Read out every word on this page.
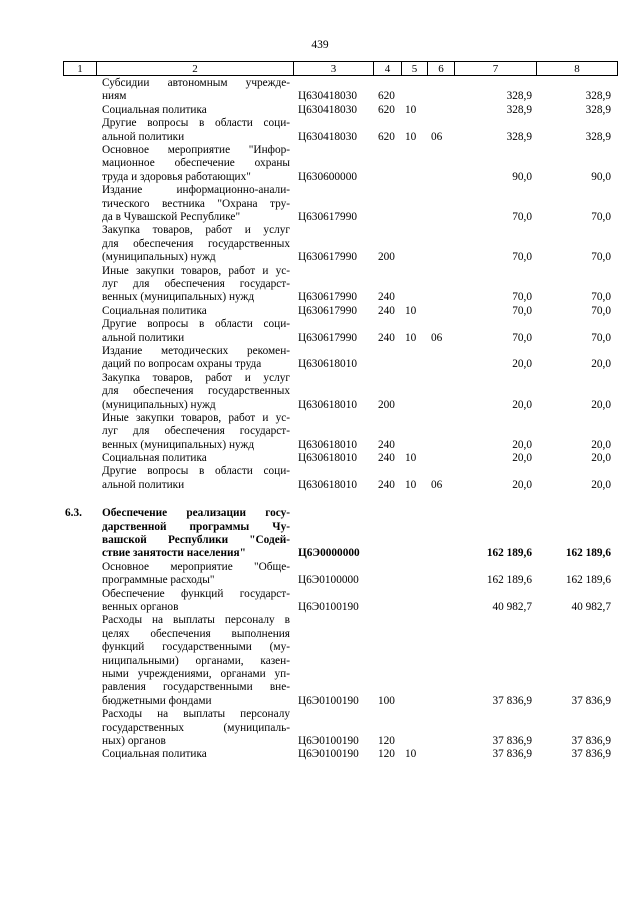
439
1	2	3	4	5	6	7	8
Субсидии автономным учрежде-
ниям	Ц630418030 620	328,9	328,9
Социальная политика	Ц630418030 620 10	328,9	328,9
Другие вопросы в области соци-
альной политики	Ц630418030 620 10 06	328,9	328,9
Основное мероприятие "Инфор-
мационное обеспечение охраны
труда и здоровья работающих"	Ц630600000	90,0	90,0
Издание информационно-анали-
тического вестника "Охрана тру-
да в Чувашской Республике"	Ц630617990	70,0	70,0
Закупка товаров, работ и услуг
для обеспечения государственных
(муниципальных) нужд	Ц630617990 200	70,0	70,0
Иные закупки товаров, работ и ус-
луг для обеспечения государст-
венных (муниципальных) нужд	Ц630617990 240	70,0	70,0
Социальная политика	Ц630617990 240 10	70,0	70,0
Другие вопросы в области соци-
альной политики	Ц630617990 240 10 06	70,0	70,0
Издание методических рекомен-
даций по вопросам охраны труда	Ц630618010	20,0	20,0
Закупка товаров, работ и услуг
для обеспечения государственных
(муниципальных) нужд	Ц630618010 200	20,0	20,0
Иные закупки товаров, работ и ус-
луг для обеспечения государст-
венных (муниципальных) нужд	Ц630618010 240	20,0	20,0
Социальная политика	Ц630618010 240 10	20,0	20,0
Другие вопросы в области соци-
альной политики	Ц630618010 240 10 06	20,0	20,0
6.3. Обеспечение реализации госу-
дарственной программы Чу-
вашской Республики "Содей-
ствие занятости населения"	Ц6Э0000000	162 189,6	162 189,6
Основное мероприятие "Обще-
программные расходы"	Ц6Э0100000	162 189,6	162 189,6
Обеспечение функций государст-
венных органов	Ц6Э0100190	40 982,7	40 982,7
Расходы на выплаты персоналу в
целях обеспечения выполнения
функций государственными (му-
ниципальными) органами, казен-
ными учреждениями, органами уп-
равления государственными вне-
бюджетными фондами	Ц6Э0100190 100	37 836,9	37 836,9
Расходы на выплаты персоналу
государственных (муниципаль-
ных) органов	Ц6Э0100190 120	37 836,9	37 836,9
Социальная политика	Ц6Э0100190 120 10	37 836,9	37 836,9
